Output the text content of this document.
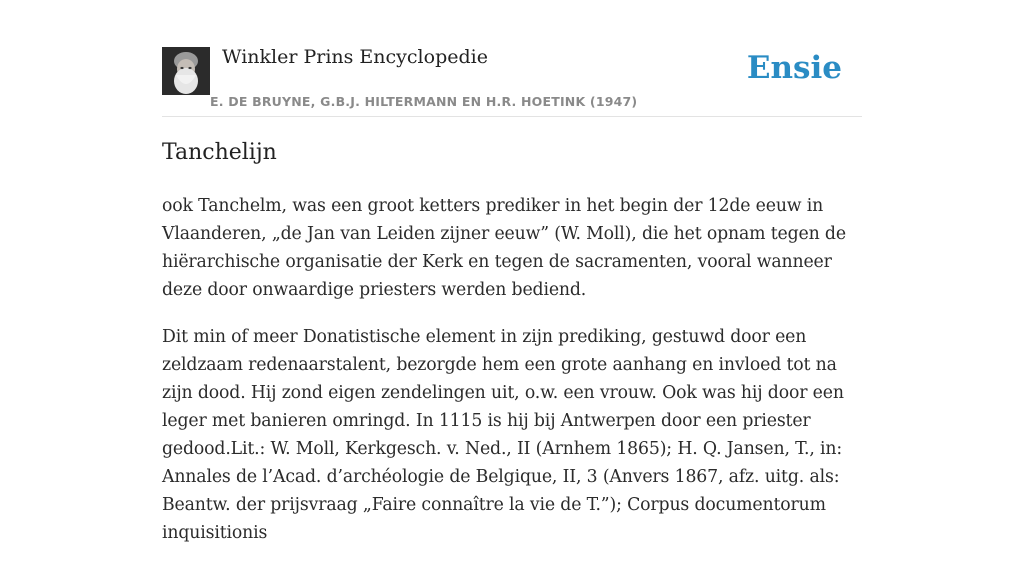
Winkler Prins Encyclopedie	Ensie
E. DE BRUYNE, G.B.J. HILTERMANN EN H.R. HOETINK (1947)
Tanchelijn

ook Tanchelm, was een groot ketters prediker in het begin der 12de eeuw in Vlaanderen, „de Jan van Leiden zijner eeuw” (W. Moll), die het opnam tegen de hiërarchische organisatie der Kerk en tegen de sacramenten, vooral wanneer deze door onwaardige priesters werden bediend.

Dit min of meer Donatistische element in zijn prediking, gestuwd door een zeldzaam redenaarstalent, bezorgde hem een grote aanhang en invloed tot na zijn dood. Hij zond eigen zendelingen uit, o.w. een vrouw. Ook was hij door een leger met banieren omringd. In 1115 is hij bij Antwerpen door een priester gedood.Lit.: W. Moll, Kerkgesch. v. Ned., II (Arnhem 1865); H. Q. Jansen, T., in: Annales de l’Acad. d’archéologie de Belgique, II, 3 (Anvers 1867, afz. uitg. als: Beantw. der prijsvraag „Faire connaître la vie de T.”); Corpus documentorum inquisitionis
